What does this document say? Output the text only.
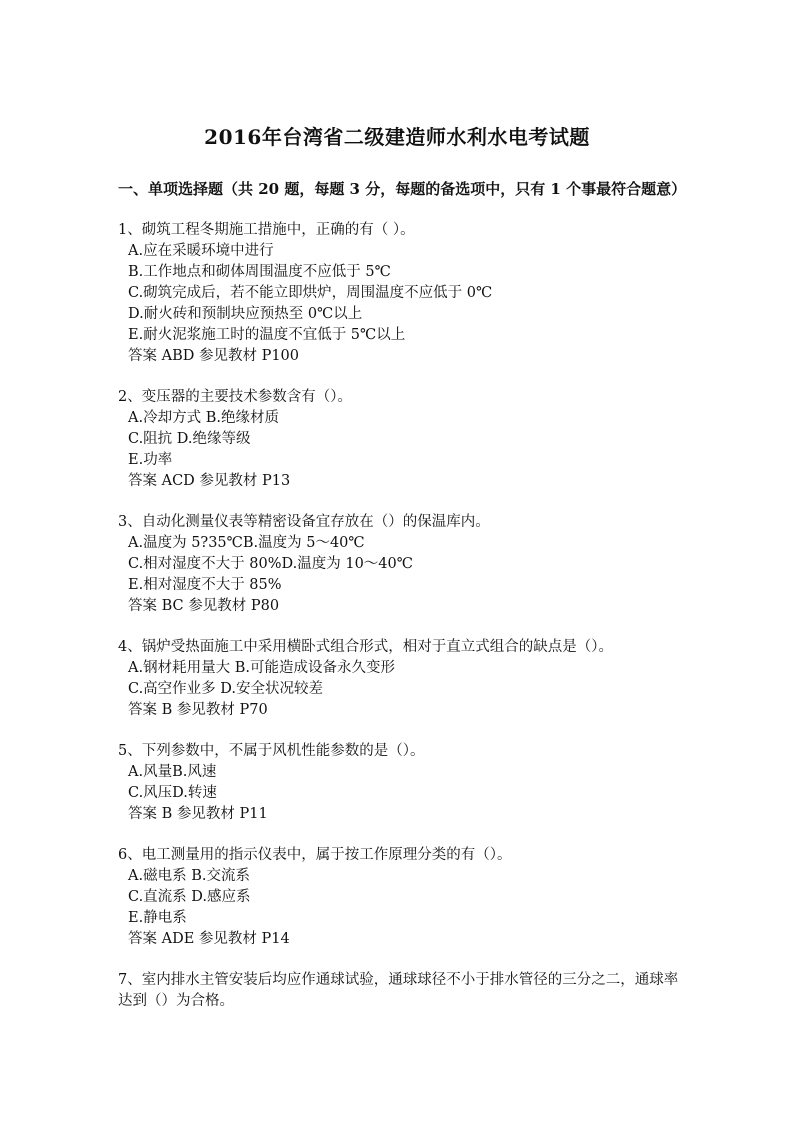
2016年台湾省二级建造师水利水电考试题
一、单项选择题（共 20 题，每题 3 分，每题的备选项中，只有 1 个事最符合题意）
1、砌筑工程冬期施工措施中，正确的有（ ）。
A.应在采暖环境中进行
B.工作地点和砌体周围温度不应低于 5℃
C.砌筑完成后，若不能立即烘炉，周围温度不应低于 0℃
D.耐火砖和预制块应预热至 0℃以上
E.耐火泥浆施工时的温度不宜低于 5℃以上
答案 ABD 参见教材 P100
2、变压器的主要技术参数含有（）。
A.冷却方式 B.绝缘材质
C.阻抗 D.绝缘等级
E.功率
答案 ACD 参见教材 P13
3、自动化测量仪表等精密设备宜存放在（）的保温库内。
A.温度为 5?35℃B.温度为 5～40℃
C.相对湿度不大于 80%D.温度为 10～40℃
E.相对湿度不大于 85%
答案 BC 参见教材 P80
4、锅炉受热面施工中采用横卧式组合形式，相对于直立式组合的缺点是（）。
A.钢材耗用量大 B.可能造成设备永久变形
C.高空作业多 D.安全状况较差
答案 B 参见教材 P70
5、下列参数中，不属于风机性能参数的是（）。
A.风量B.风速
C.风压D.转速
答案 B 参见教材 P11
6、电工测量用的指示仪表中，属于按工作原理分类的有（）。
A.磁电系 B.交流系
C.直流系 D.感应系
E.静电系
答案 ADE 参见教材 P14
7、室内排水主管安装后均应作通球试验，通球球径不小于排水管径的三分之二，通球率达到（）为合格。
